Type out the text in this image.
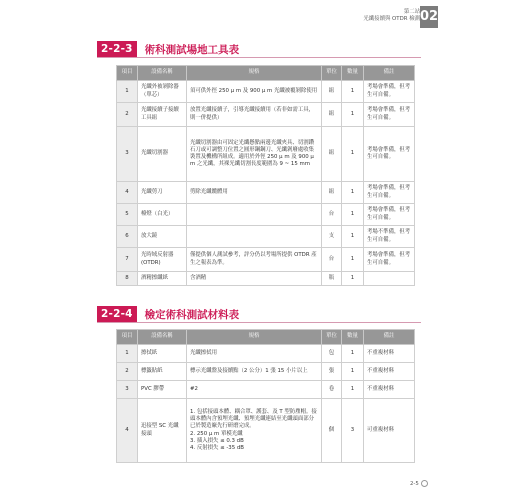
第二站
光纖接續與 OTDR 檢測 02
2-2-3	術科測試場地工具表
項目	設備名稱	規格	單位	數量	備註
1	光纖外被剝除器（單芯）	須可供外徑 250 μ m 及 900 μ m 光纖被覆剝除使用	組	1	考場會準備，但考生可自備。
2	光纖接續子接續工具組	放置光纖接續子，引導光纖接續用（若非如需工具，則一併提供）	組	1	考場會準備，但考生可自備。
3	光纖切割器	光纖切割器由可固定光纖懸點兩邊光纖夾具、切割鑽石刀或可調整刀位置之圓形鋼鋼刀、光纖剝廢處收集裝置及機構所組成。適用於外徑 250 μ m 及 900 μ m 之光纖，其裸光纖切割長度範圍為 9 ~ 15 mm	組	1	考場會準備，但考生可自備。
4	光纖剪刀	剪除光纖纜體用	組	1	考場會準備，但考生可自備。
5	檯燈（白光）		台	1	考場會準備，但考生可自備。
6	放大鏡		支	1	考場不準備，但考生可自備。
7	光時域反射器(OTDR)	僅提供個人測試參考，評分仍以考場所提供 OTDR 產生之報表為準。	台	1	考場會準備，但考生可自備。
8	酒精擦纖紙	含酒精	瓶	1	
2-2-4	檢定術科測試材料表
項目	設備名稱	規格	單位	數量	備註
1	擦拭紙	光纖擦拭用	包	1	不重複材料
2	標籤貼紙	標示光纖盤及接續點（2 公分）1 張 15 小片以上	張	1	不重複材料
3	PVC 膠帶	#2	卷	1	不重複材料
4	迅接型 SC 光纖接頭	1. 包括接頭本體、耦合罩、護套、及 T 型防塵帽。接頭本體內含預埋光纖、預埋光纖連結至光纖頭面部分已於製造廠先行研磨完成。
2. 250 μ m 單模光纖
3. 插入損失 ≤ 0.3 dB
4. 反射損失 ≤ -35 dB	個	3	可重複材料
2-5
